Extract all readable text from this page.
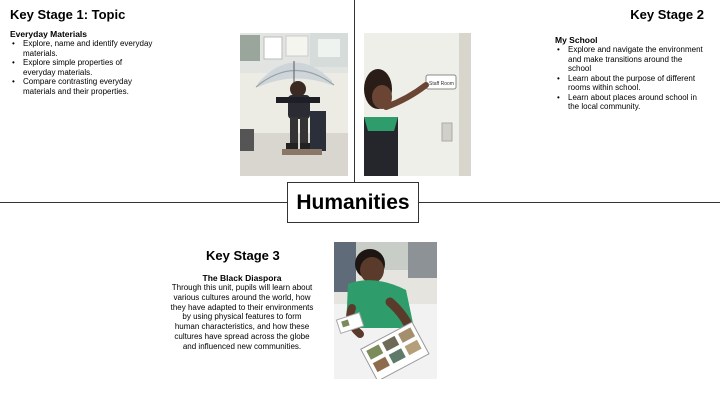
Humanities
Key Stage 1: Topic
Everyday Materials
• Explore, name and identify everyday materials.
• Explore simple properties of everyday materials.
• Compare contrasting everyday materials and their properties.
Key Stage 2
My School
• Explore and navigate the environment and make transitions around the school
• Learn about the purpose of different rooms within school.
• Learn about places around school in the local community.
Key Stage 3
The Black Diaspora
Through this unit, pupils will learn about various cultures around the world, how they have adapted to their environments by using physical features to form human characteristics, and how these cultures have spread across the globe and influenced new communities.
Staff Room
